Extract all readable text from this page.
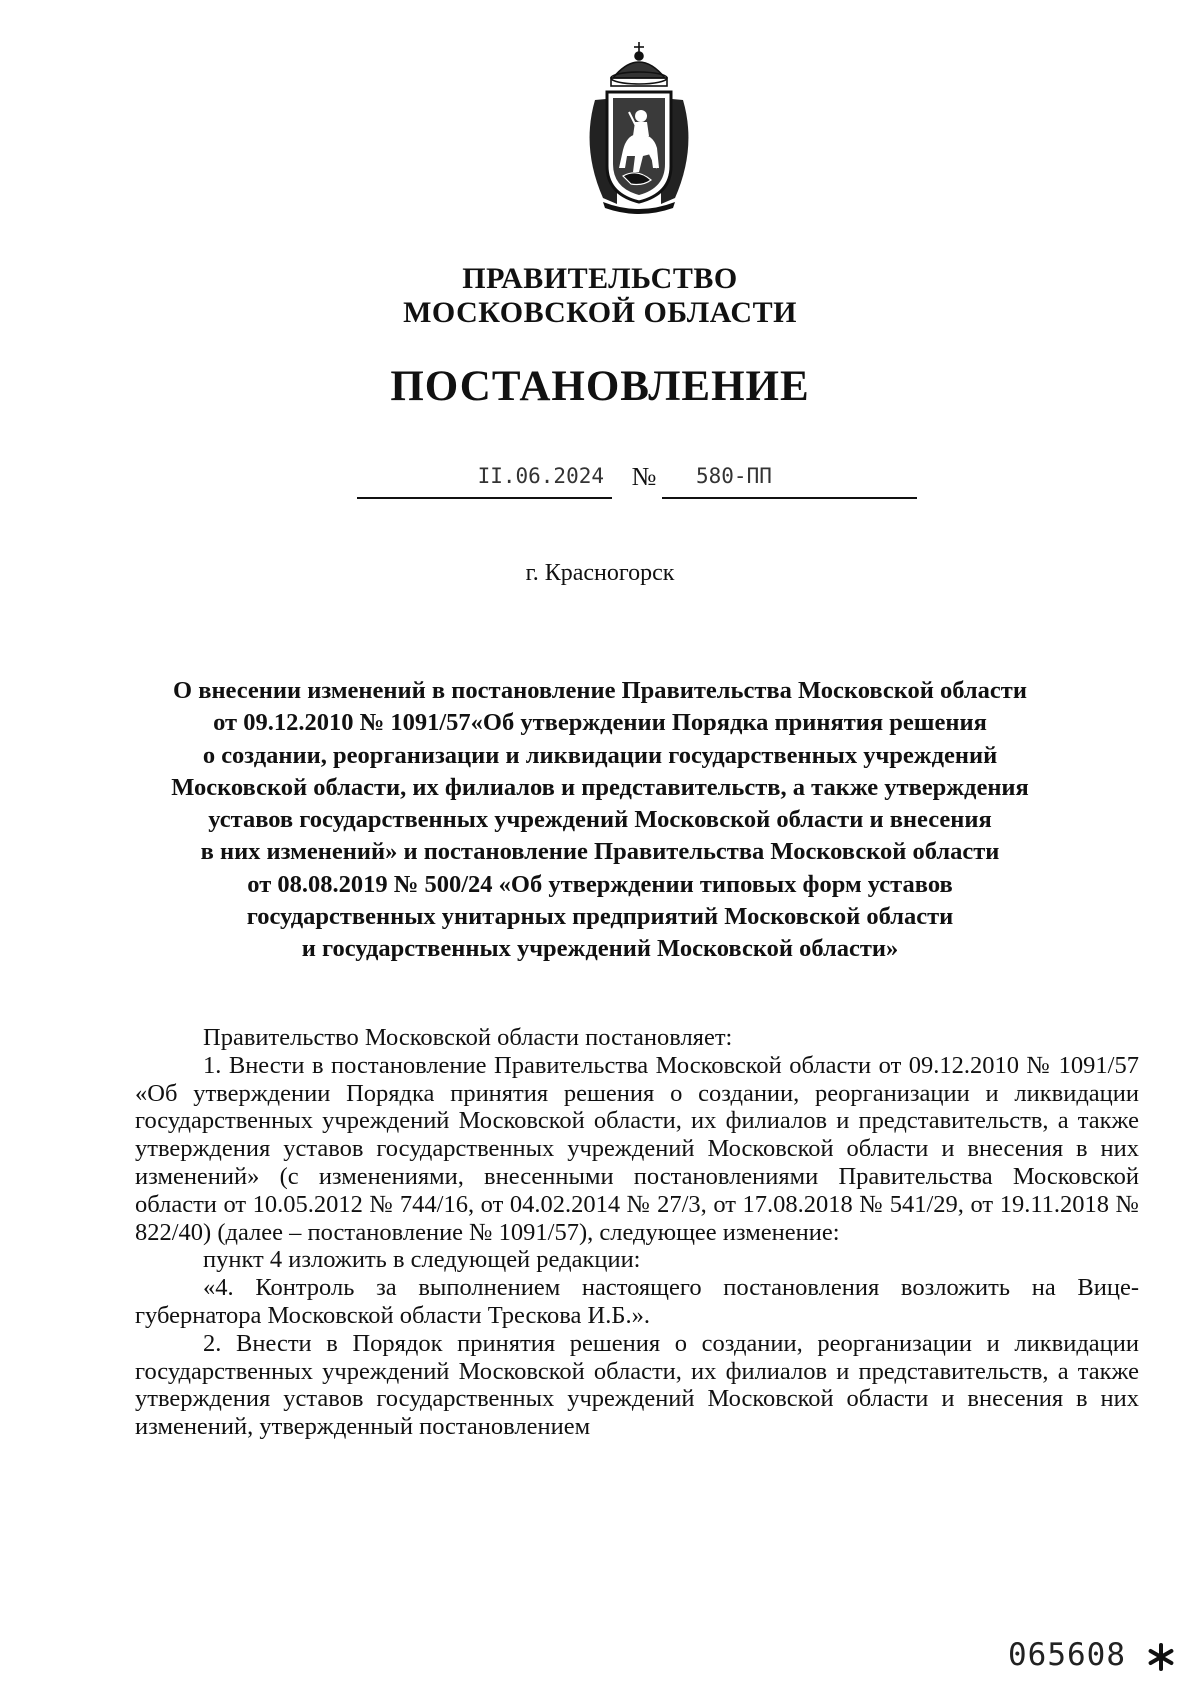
ПРАВИТЕЛЬСТВО
МОСКОВСКОЙ ОБЛАСТИ
ПОСТАНОВЛЕНИЕ
II.06.2024	№	580-ПП
г. Красногорск
О внесении изменений в постановление Правительства Московской области
от 09.12.2010 № 1091/57«Об утверждении Порядка принятия решения
о создании, реорганизации и ликвидации государственных учреждений
Московской области, их филиалов и представительств, а также утверждения
уставов государственных учреждений Московской области и внесения
в них изменений» и постановление Правительства Московской области
от 08.08.2019 № 500/24 «Об утверждении типовых форм уставов
государственных унитарных предприятий Московской области
и государственных учреждений Московской области»

Правительство Московской области постановляет:

1. Внести в постановление Правительства Московской области от 09.12.2010 № 1091/57 «Об утверждении Порядка принятия решения о создании, реорганизации и ликвидации государственных учреждений Московской области, их филиалов и представительств, а также утверждения уставов государственных учреждений Московской области и внесения в них изменений» (с изменениями, внесенными постановлениями Правительства Московской области от 10.05.2012 № 744/16, от 04.02.2014 № 27/3, от 17.08.2018 № 541/29, от 19.11.2018 № 822/40) (далее – постановление № 1091/57), следующее изменение:

пункт 4 изложить в следующей редакции:

«4. Контроль за выполнением настоящего постановления возложить на Вице-губернатора Московской области Трескова И.Б.».

2. Внести в Порядок принятия решения о создании, реорганизации и ликвидации государственных учреждений Московской области, их филиалов и представительств, а также утверждения уставов государственных учреждений Московской области и внесения в них изменений, утвержденный постановлением

065608
